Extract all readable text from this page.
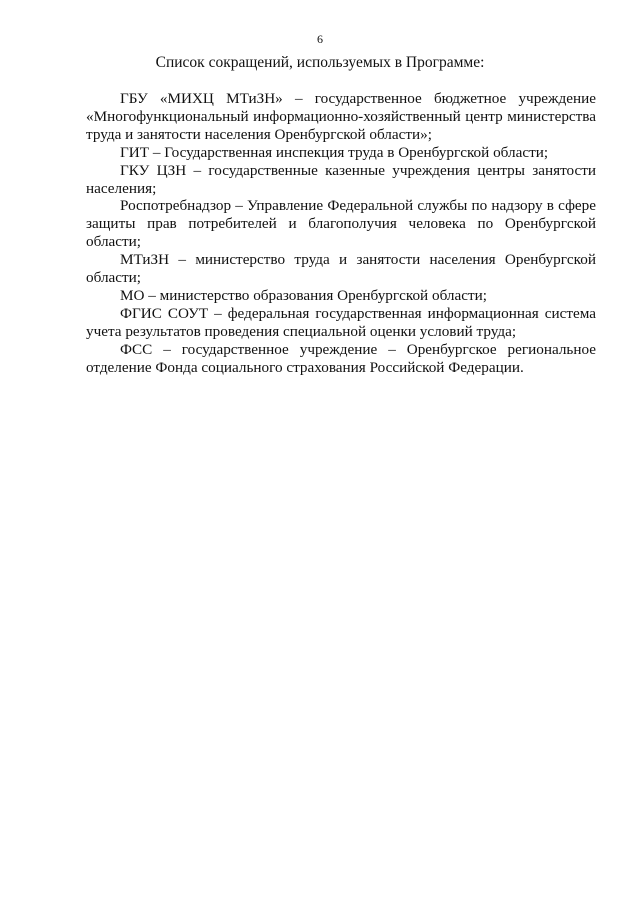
6
Список сокращений, используемых в Программе:

ГБУ «МИХЦ МТиЗН» – государственное бюджетное учреждение «Многофункциональный информационно-хозяйственный центр министерства труда и занятости населения Оренбургской области»;

ГИТ – Государственная инспекция труда в Оренбургской области;

ГКУ ЦЗН – государственные казенные учреждения центры занятости населения;

Роспотребнадзор – Управление Федеральной службы по надзору в сфере защиты прав потребителей и благополучия человека по Оренбургской области;

МТиЗН – министерство труда и занятости населения Оренбургской области;

МО – министерство образования Оренбургской области;

ФГИС СОУТ – федеральная государственная информационная система учета результатов проведения специальной оценки условий труда;

ФСС – государственное учреждение – Оренбургское региональное отделение Фонда социального страхования Российской Федерации.
